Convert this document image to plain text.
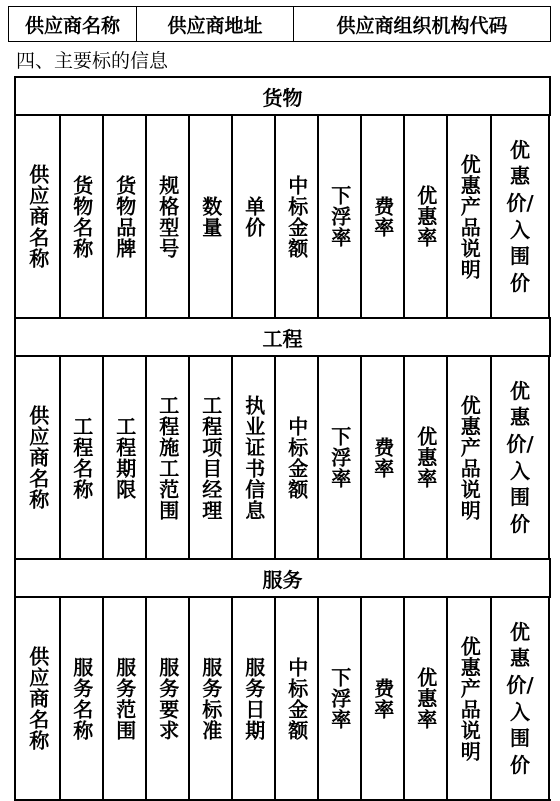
供应商名称	供应商地址	供应商组织机构代码
四、主要标的信息
货物
供应商名称 货物名称 货物品牌 规格型号 数量 单价 中标金额 下浮率 费率 优惠率 优惠产品说明
优惠价/入围价
工程
供应商名称 工程名称 工程期限 工程施工范围 工程项目经理 执业证书信息 中标金额 下浮率 费率 优惠率 优惠产品说明
优惠价/入围价
服务
供应商名称 服务名称 服务范围 服务要求 服务标准 服务日期 中标金额 下浮率 费率 优惠率 优惠产品说明
优惠价/入围价
